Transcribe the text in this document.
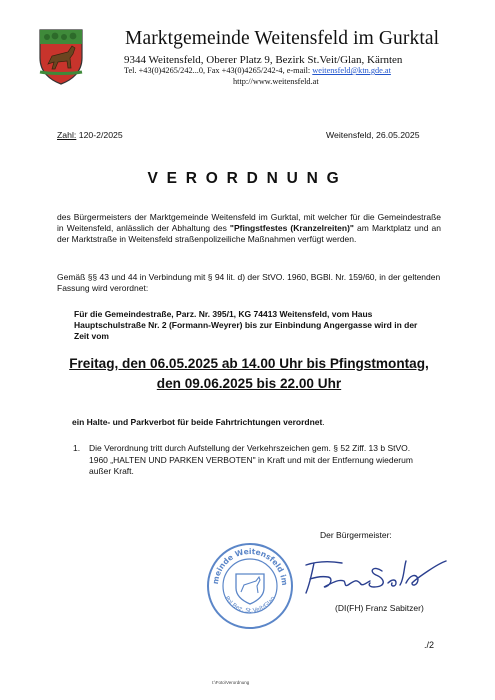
Marktgemeinde Weitensfeld im Gurktal
9344 Weitensfeld, Oberer Platz 9, Bezirk St.Veit/Glan, Kärnten
Tel. +43(0)4265/242...0, Fax +43(0)4265/242-4, e-mail: weitensfeld@ktn.gde.at
http://www.weitensfeld.at
Zahl: 120-2/2025	Weitensfeld, 26.05.2025
VERORDNUNG
des Bürgermeisters der Marktgemeinde Weitensfeld im Gurktal, mit welcher für die Gemeindestraße in Weitensfeld, anlässlich der Abhaltung des "Pfingstfestes (Kranzelreiten)" am Marktplatz und an der Marktstraße in Weitensfeld straßenpolizeiliche Maßnahmen verfügt werden.
Gemäß §§ 43 und 44 in Verbindung mit § 94 lit. d) der StVO. 1960, BGBl. Nr. 159/60, in der geltenden Fassung wird verordnet:
Für die Gemeindestraße, Parz. Nr. 395/1, KG 74413 Weitensfeld, vom Haus Hauptschulstraße Nr. 2 (Formann-Weyrer) bis zur Einbindung Angergasse wird in der Zeit vom
Freitag, den 06.05.2025 ab 14.00 Uhr bis Pfingstmontag, den 09.06.2025 bis 22.00 Uhr
ein Halte- und Parkverbot für beide Fahrtrichtungen verordnet.
1. Die Verordnung tritt durch Aufstellung der Verkehrszeichen gem. § 52 Ziff. 13 b StVO. 1960 „HALTEN UND PARKEN VERBOTEN" in Kraft und mit der Entfernung wiederum außer Kraft.
Der Bürgermeister:
meinde Weitensfeld im
Pol.Bez. St.Veit/Glan
(DI(FH) Franz Sabitzer)
./2
I:\Foto\Verordnung
